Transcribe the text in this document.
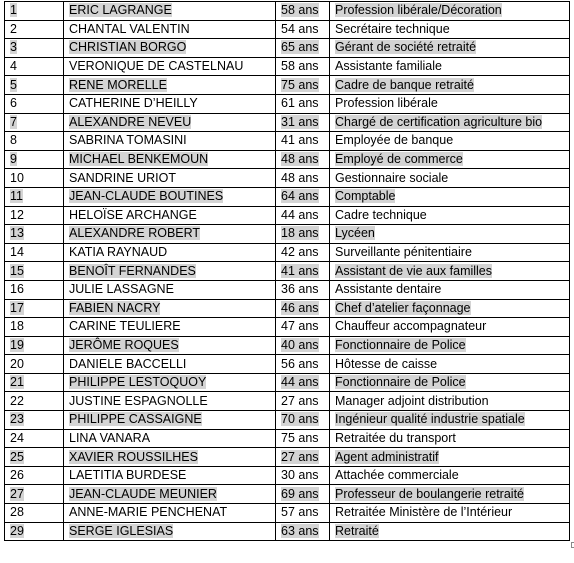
1	ERIC LAGRANGE	58 ans	Profession libérale/Décoration
2	CHANTAL VALENTIN	54 ans	Secrétaire technique
3	CHRISTIAN BORGO	65 ans	Gérant de société retraité
4	VERONIQUE DE CASTELNAU	58 ans	Assistante familiale
5	RENE MORELLE	75 ans	Cadre de banque retraité
6	CATHERINE D’HEILLY	61 ans	Profession libérale
7	ALEXANDRE NEVEU	31 ans	Chargé de certification agriculture bio
8	SABRINA TOMASINI	41 ans	Employée de banque
9	MICHAEL BENKEMOUN	48 ans	Employé de commerce
10	SANDRINE URIOT	48 ans	Gestionnaire sociale
11	JEAN-CLAUDE BOUTINES	64 ans	Comptable
12	HELOÏSE ARCHANGE	44 ans	Cadre technique
13	ALEXANDRE ROBERT	18 ans	Lycéen
14	KATIA RAYNAUD	42 ans	Surveillante pénitentiaire
15	BENOÎT FERNANDES	41 ans	Assistant de vie aux familles
16	JULIE LASSAGNE	36 ans	Assistante dentaire
17	FABIEN NACRY	46 ans	Chef d’atelier façonnage
18	CARINE TEULIERE	47 ans	Chauffeur accompagnateur
19	JERÔME ROQUES	40 ans	Fonctionnaire de Police
20	DANIELE BACCELLI	56 ans	Hôtesse de caisse
21	PHILIPPE LESTOQUOY	44 ans	Fonctionnaire de Police
22	JUSTINE ESPAGNOLLE	27 ans	Manager adjoint distribution
23	PHILIPPE CASSAIGNE	70 ans	Ingénieur qualité industrie spatiale
24	LINA VANARA	75 ans	Retraitée du transport
25	XAVIER ROUSSILHES	27 ans	Agent administratif
26	LAETITIA BURDESE	30 ans	Attachée commerciale
27	JEAN-CLAUDE MEUNIER	69 ans	Professeur de boulangerie retraité
28	ANNE-MARIE PENCHENAT	57 ans	Retraitée Ministère de l’Intérieur
29	SERGE IGLESIAS	63 ans	Retraité
